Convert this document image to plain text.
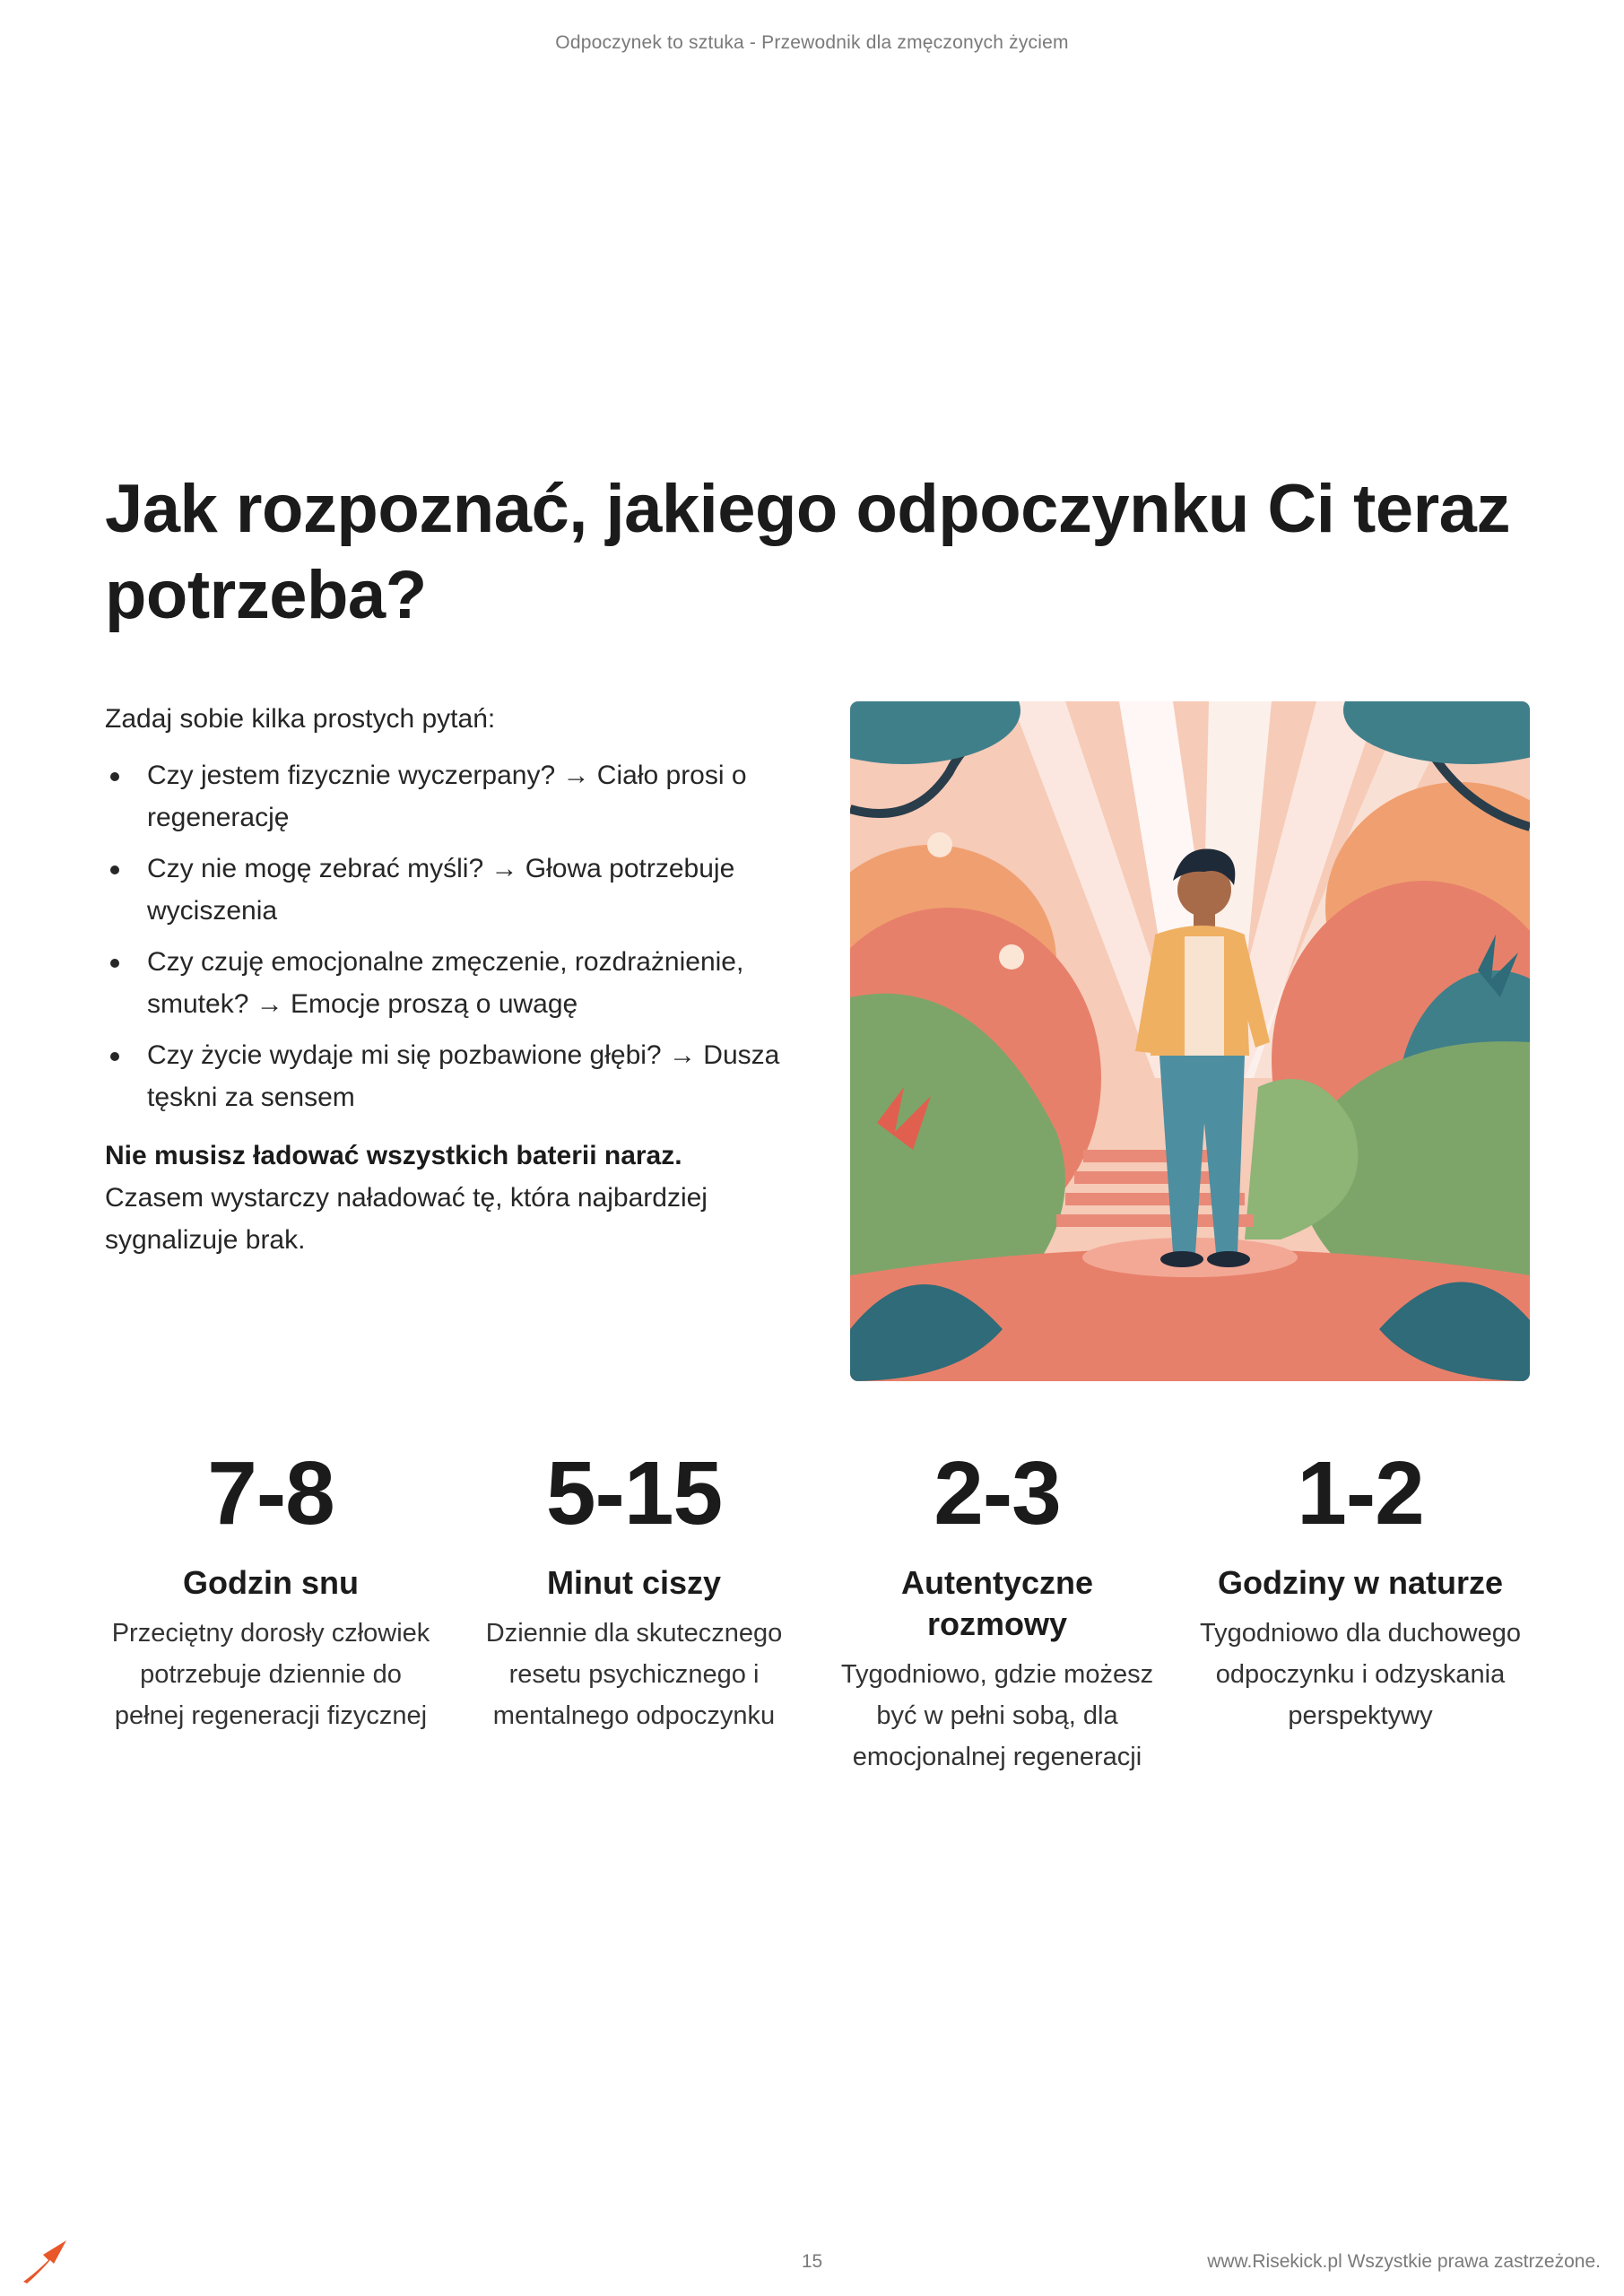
Odpoczynek to sztuka - Przewodnik dla zmęczonych życiem
Jak rozpoznać, jakiego odpoczynku Ci teraz potrzeba?

Zadaj sobie kilka prostych pytań:

Czy jestem fizycznie wyczerpany? → Ciało prosi o regenerację
Czy nie mogę zebrać myśli? → Głowa potrzebuje wyciszenia
Czy czuję emocjonalne zmęczenie, rozdrażnienie, smutek? → Emocje proszą o uwagę
Czy życie wydaje mi się pozbawione głębi? → Dusza tęskni za sensem

Nie musisz ładować wszystkich baterii naraz.
Czasem wystarczy naładować tę, która najbardziej sygnalizuje brak.

7-8
Godzin snu
Przeciętny dorosły człowiek potrzebuje dziennie do pełnej regeneracji fizycznej
5-15
Minut ciszy
Dziennie dla skutecznego resetu psychicznego i mentalnego odpoczynku
2-3
Autentyczne rozmowy
Tygodniowo, gdzie możesz być w pełni sobą, dla emocjonalnej regeneracji
1-2
Godziny w naturze
Tygodniowo dla duchowego odpoczynku i odzyskania perspektywy
15	www.Risekick.pl Wszystkie prawa zastrzeżone.
